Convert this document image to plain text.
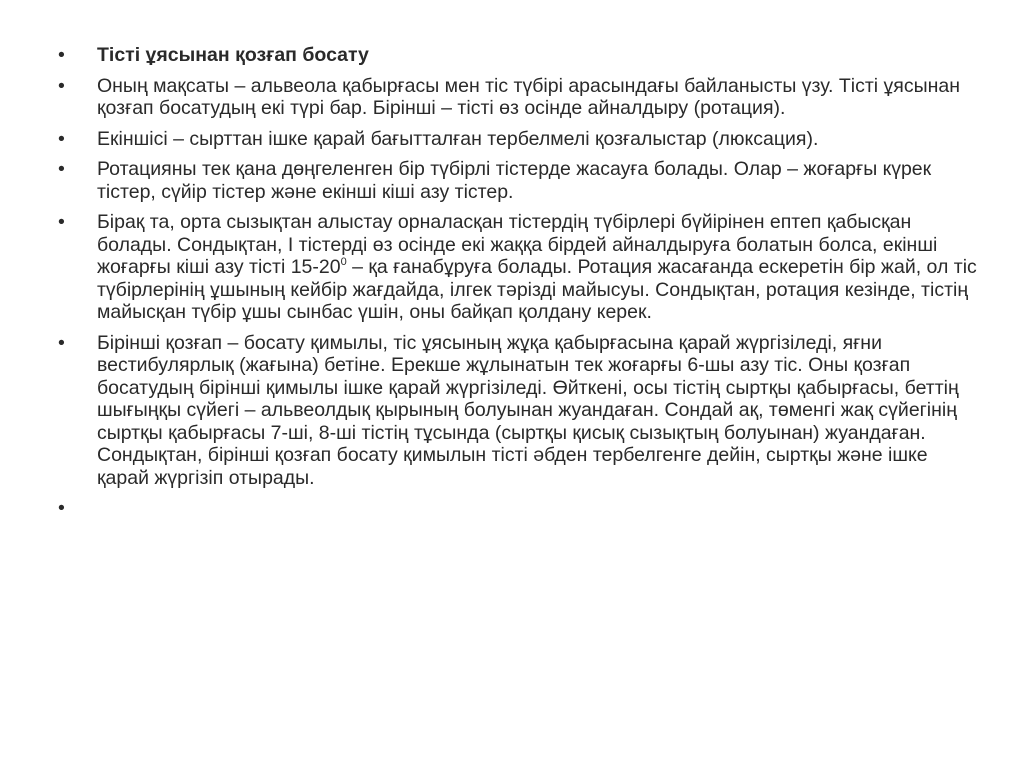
•	Тісті ұясынан қозғап босату
•	Оның мақсаты – альвеола қабырғасы мен тіс түбірі арасындағы байланысты үзу. Тісті ұясынан қозғап босатудың екі түрі бар. Бірінші – тісті өз осінде айналдыру (ротация).
•	Екіншісі – сырттан ішке қарай бағытталған тербелмелі қозғалыстар (люксация).
•	Ротацияны тек қана дөңгеленген бір түбірлі тістерде жасауға болады. Олар – жоғарғы күрек тістер, сүйір тістер және екінші кіші азу тістер.
•	Бірақ та, орта сызықтан алыстау орналасқан тістердің түбірлері бүйірінен ептеп қабысқан болады. Сондықтан, I тістерді өз осінде екі жаққа бірдей айналдыруға болатын болса, екінші жоғарғы кіші азу тісті $15-20^0$ – қа ғанабұруға болады. Ротация жасағанда ескеретін бір жай, ол тіс түбірлерінің ұшының кейбір жағдайда, ілгек тәрізді майысуы. Сондықтан, ротация кезінде, тістің майысқан түбір ұшы сынбас үшін, оны байқап қолдану керек.
•	Бірінші қозғап – босату қимылы, тіс ұясының жұқа қабырғасына қарай жүргізіледі, яғни вестибулярлық (жағына) бетіне. Ерекше жұлынатын тек жоғарғы 6-шы азу тіс. Оны қозғап босатудың бірінші қимылы ішке қарай жүргізіледі. Өйткені, осы тістің сыртқы қабырғасы, беттің шығыңқы сүйегі – альвеолдық қырының болуынан жуандаған. Сондай ақ, төменгі жақ сүйегінің сыртқы қабырғасы 7-ші, 8-ші тістің тұсында (сыртқы қисық сызықтың болуынан) жуандаған. Сондықтан, бірінші қозғап босату қимылын тісті әбден тербелгенге дейін, сыртқы және ішке қарай жүргізіп отырады.
•
